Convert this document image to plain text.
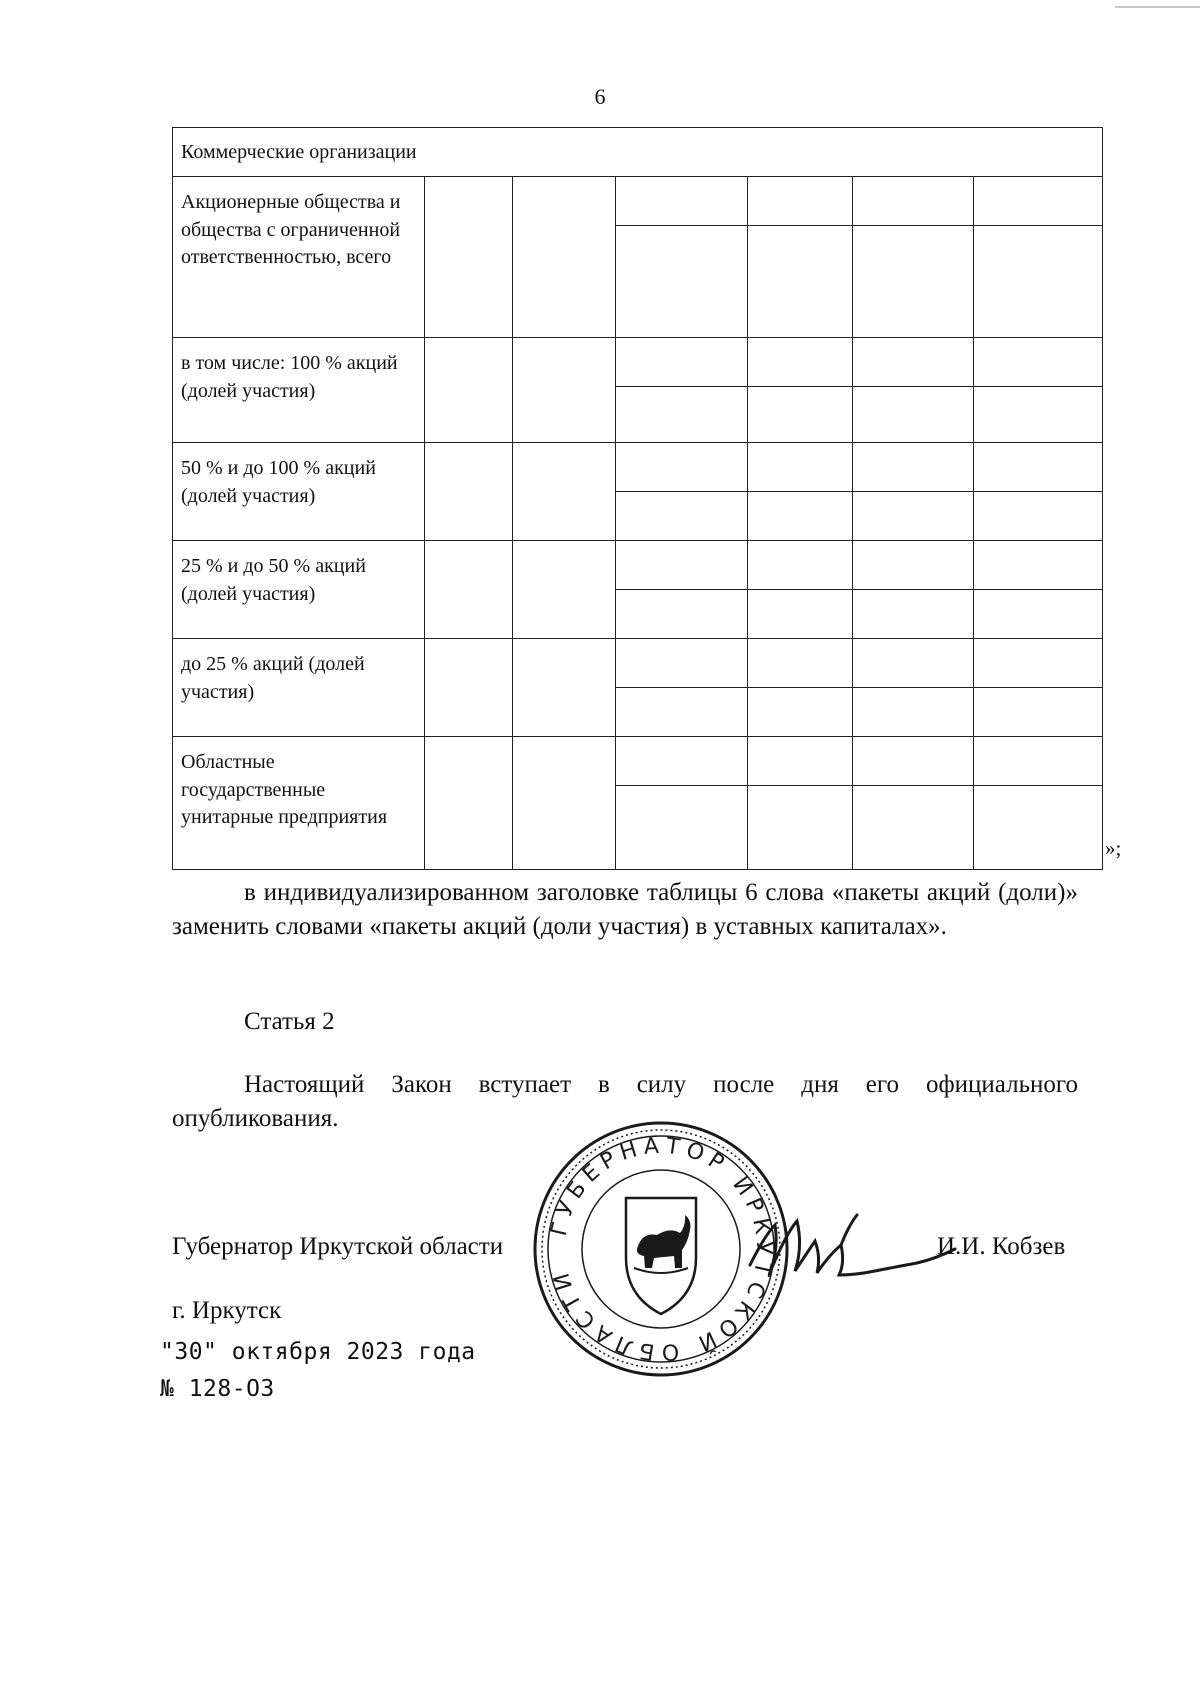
6
Коммерческие организации						
Акционерные общества и общества с ограниченной ответственностью, всего						

в том числе: 100 % акций (долей участия)						

50 % и до 100 % акций (долей участия)						

25 % и до 50 % акций (долей участия)						

до 25 % акций (долей участия)						

Областные государственные унитарные предприятия						

»;
в индивидуализированном заголовке таблицы 6 слова «пакеты акций (доли)» заменить словами «пакеты акций (доли участия) в уставных капиталах».
Статья 2
Настоящий Закон вступает в силу после дня его официального опубликования.
Губернатор Иркутской области	И.И. Кобзев
ГУБЕРНАТОР ИРКУТСКОЙ ОБЛАСТИ
г. Иркутск
"30" октября 2023 года
№ 128-ОЗ
